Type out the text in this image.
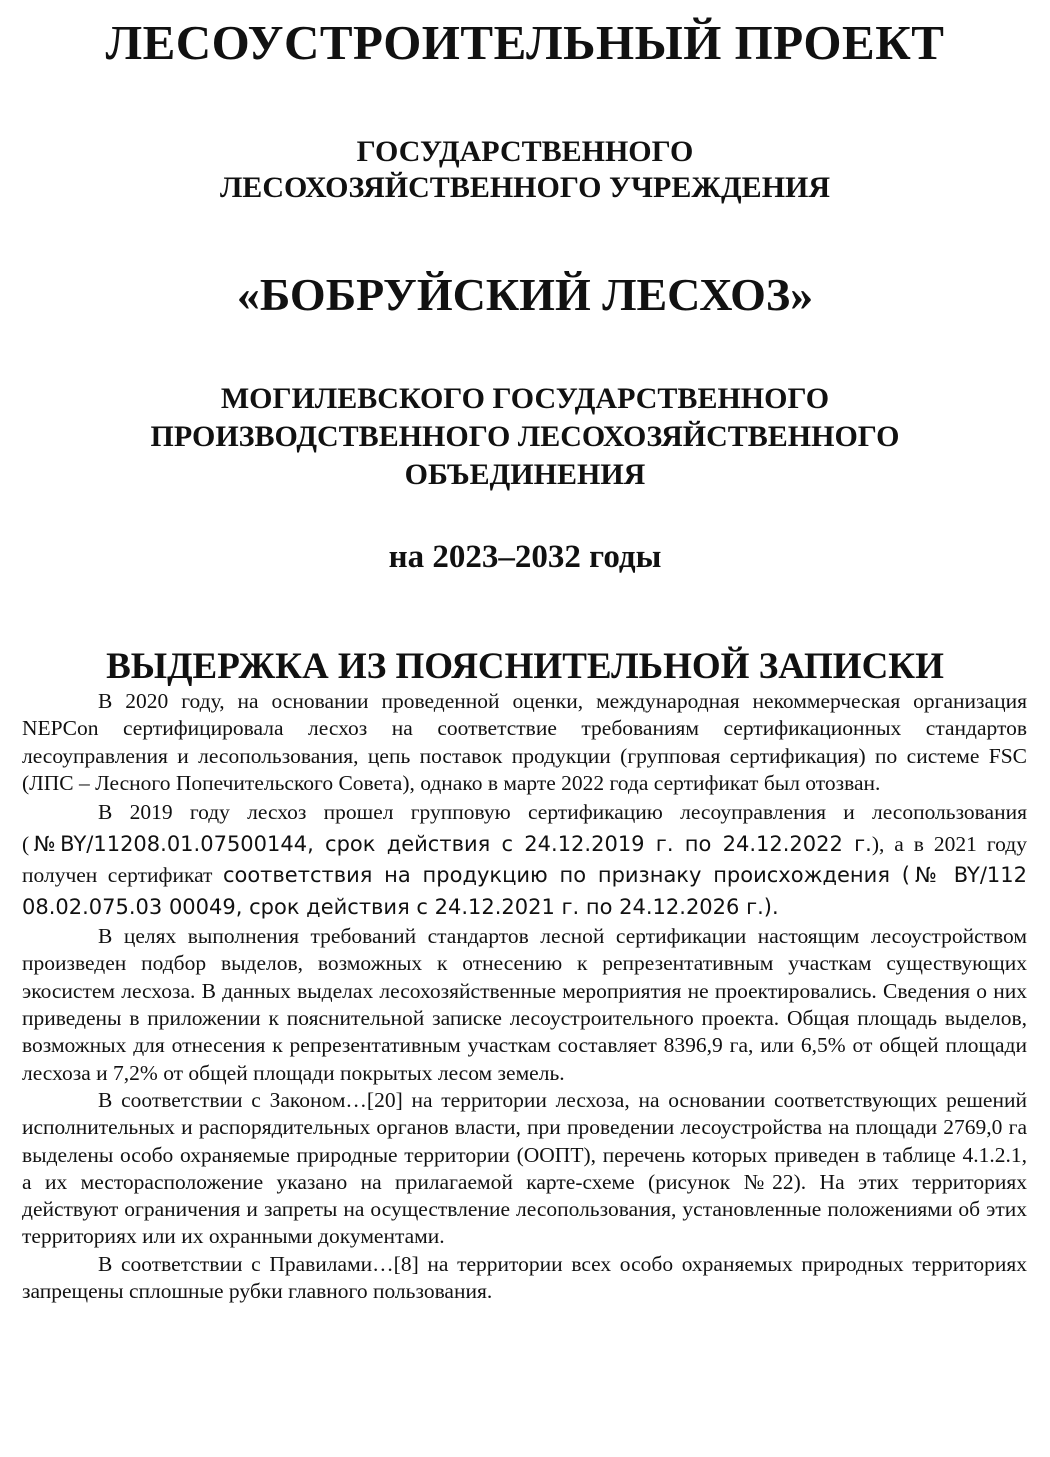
ЛЕСОУСТРОИТЕЛЬНЫЙ ПРОЕКТ
ГОСУДАРСТВЕННОГО
ЛЕСОХОЗЯЙСТВЕННОГО УЧРЕЖДЕНИЯ
«БОБРУЙСКИЙ ЛЕСХОЗ»
МОГИЛЕВСКОГО ГОСУДАРСТВЕННОГО
ПРОИЗВОДСТВЕННОГО ЛЕСОХОЗЯЙСТВЕННОГО
ОБЪЕДИНЕНИЯ
на 2023–2032 годы
ВЫДЕРЖКА ИЗ ПОЯСНИТЕЛЬНОЙ ЗАПИСКИ

В 2020 году, на основании проведенной оценки, международная некоммерческая организация NEPCon сертифицировала лесхоз на соответствие требованиям сертификационных стандартов лесоуправления и лесопользования, цепь поставок продукции (групповая сертификация) по системе FSC (ЛПС – Лесного Попечительского Совета), однако в марте 2022 года сертификат был отозван.

В 2019 году лесхоз прошел групповую сертификацию лесоуправления и лесопользования (№BY/11208.01.07500144, срок действия с 24.12.2019 г. по 24.12.2022 г.), а в 2021 году получен сертификат соответствия на продукцию по признаку происхождения (№ BY/112 08.02.075.03 00049, срок действия с 24.12.2021 г. по 24.12.2026 г.).

В целях выполнения требований стандартов лесной сертификации настоящим лесоустройством произведен подбор выделов, возможных к отнесению к репрезентативным участкам существующих экосистем лесхоза. В данных выделах лесохозяйственные мероприятия не проектировались. Сведения о них приведены в приложении к пояснительной записке лесоустроительного проекта. Общая площадь выделов, возможных для отнесения к репрезентативным участкам составляет 8396,9 га, или 6,5% от общей площади лесхоза и 7,2% от общей площади покрытых лесом земель.

В соответствии с Законом…[20] на территории лесхоза, на основании соответствующих решений исполнительных и распорядительных органов власти, при проведении лесоустройства на площади 2769,0 га выделены особо охраняемые природные территории (ООПТ), перечень которых приведен в таблице 4.1.2.1, а их месторасположение указано на прилагаемой карте-схеме (рисунок №22). На этих территориях действуют ограничения и запреты на осуществление лесопользования, установленные положениями об этих территориях или их охранными документами.

В соответствии с Правилами…[8] на территории всех особо охраняемых природных территориях запрещены сплошные рубки главного пользования.
